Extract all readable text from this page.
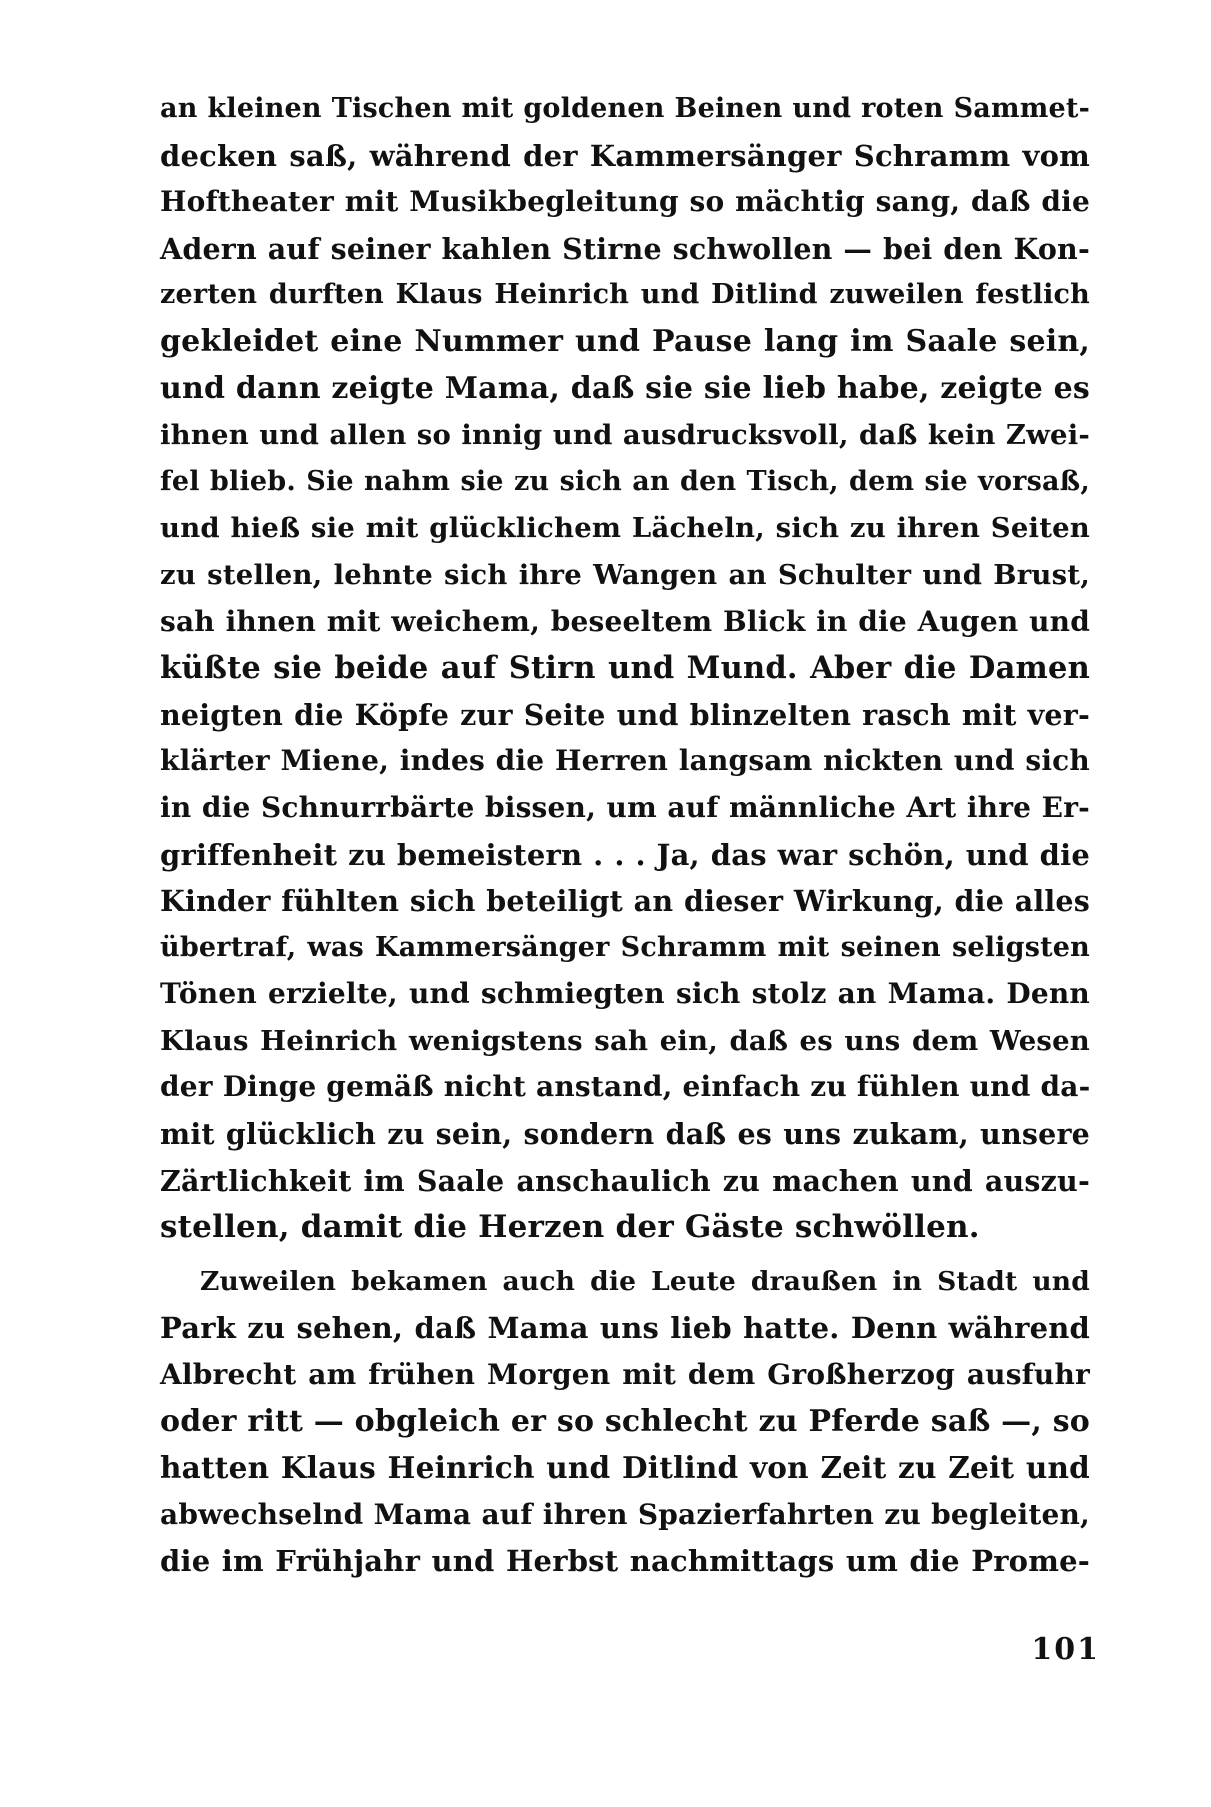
an kleinen Tischen mit goldenen Beinen und roten Sammet-
decken saß, während der Kammersänger Schramm vom
Hoftheater mit Musikbegleitung so mächtig sang, daß die
Adern auf seiner kahlen Stirne schwollen — bei den Kon-
zerten durften Klaus Heinrich und Ditlind zuweilen festlich
gekleidet eine Nummer und Pause lang im Saale sein,
und dann zeigte Mama, daß sie sie lieb habe, zeigte es
ihnen und allen so innig und ausdrucksvoll, daß kein Zwei-
fel blieb. Sie nahm sie zu sich an den Tisch, dem sie vorsaß,
und hieß sie mit glücklichem Lächeln, sich zu ihren Seiten
zu stellen, lehnte sich ihre Wangen an Schulter und Brust,
sah ihnen mit weichem, beseeltem Blick in die Augen und
küßte sie beide auf Stirn und Mund. Aber die Damen
neigten die Köpfe zur Seite und blinzelten rasch mit ver-
klärter Miene, indes die Herren langsam nickten und sich
in die Schnurrbärte bissen, um auf männliche Art ihre Er-
griffenheit zu bemeistern . . . Ja, das war schön, und die
Kinder fühlten sich beteiligt an dieser Wirkung, die alles
übertraf, was Kammersänger Schramm mit seinen seligsten
Tönen erzielte, und schmiegten sich stolz an Mama. Denn
Klaus Heinrich wenigstens sah ein, daß es uns dem Wesen
der Dinge gemäß nicht anstand, einfach zu fühlen und da-
mit glücklich zu sein, sondern daß es uns zukam, unsere
Zärtlichkeit im Saale anschaulich zu machen und auszu-
stellen, damit die Herzen der Gäste schwöllen.
Zuweilen bekamen auch die Leute draußen in Stadt und
Park zu sehen, daß Mama uns lieb hatte. Denn während
Albrecht am frühen Morgen mit dem Großherzog ausfuhr
oder ritt — obgleich er so schlecht zu Pferde saß —, so
hatten Klaus Heinrich und Ditlind von Zeit zu Zeit und
abwechselnd Mama auf ihren Spazierfahrten zu begleiten,
die im Frühjahr und Herbst nachmittags um die Prome-
101
